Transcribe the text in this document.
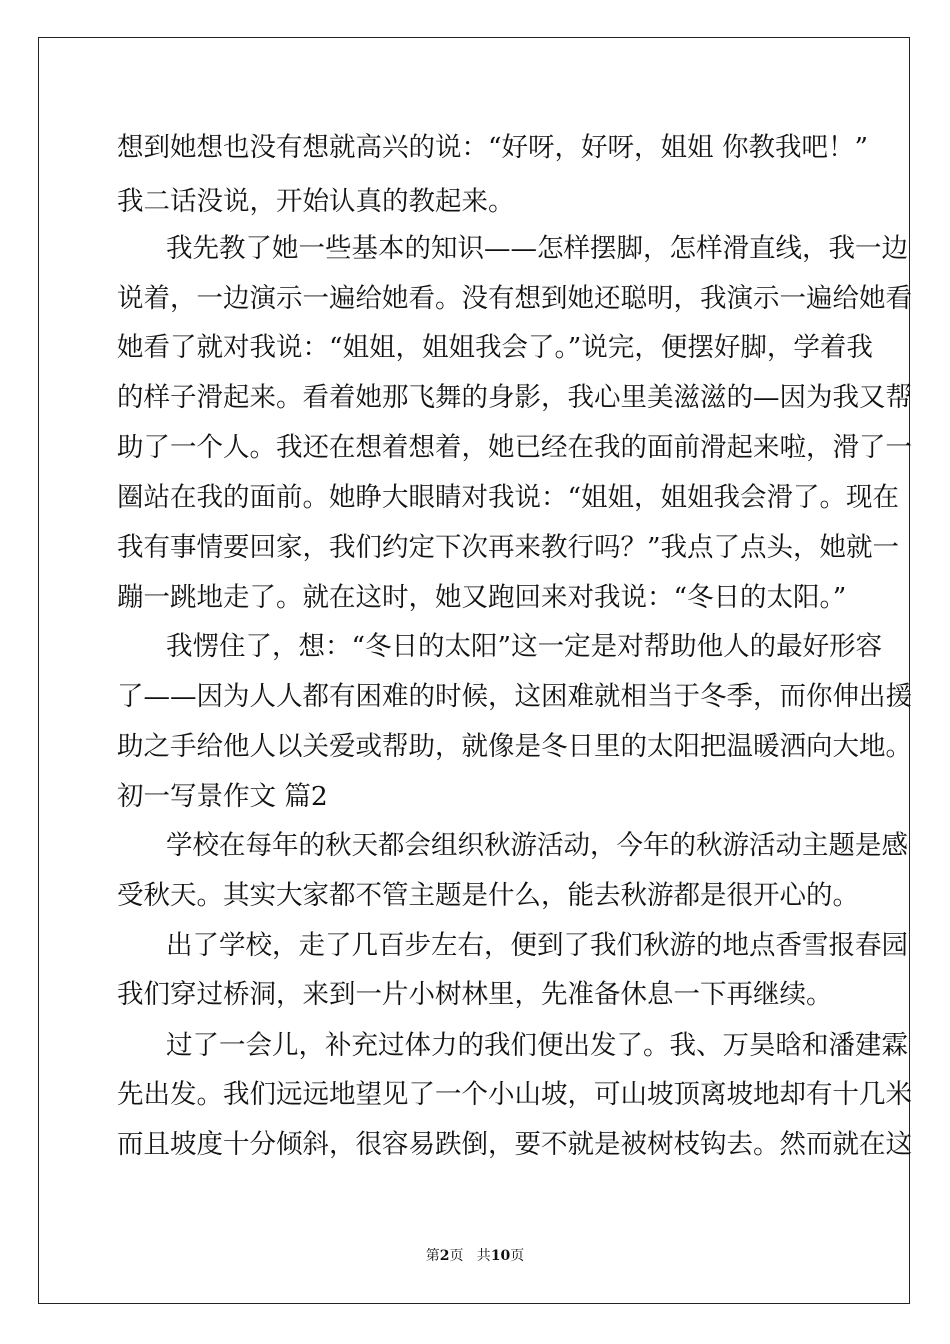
想到她想也没有想就高兴的说：“好呀，好呀，姐姐 你教我吧！”
我二话没说，开始认真的教起来。
我先教了她一些基本的知识——怎样摆脚，怎样滑直线，我一边
说着，一边演示一遍给她看。没有想到她还聪明，我演示一遍给她看
她看了就对我说：“姐姐，姐姐我会了。”说完，便摆好脚，学着我
的样子滑起来。看着她那飞舞的身影，我心里美滋滋的—因为我又帮
助了一个人。我还在想着想着，她已经在我的面前滑起来啦，滑了一
圈站在我的面前。她睁大眼睛对我说：“姐姐，姐姐我会滑了。现在
我有事情要回家，我们约定下次再来教行吗？”我点了点头，她就一
蹦一跳地走了。就在这时，她又跑回来对我说：“冬日的太阳。”
我愣住了，想：“冬日的太阳”这一定是对帮助他人的最好形容
了——因为人人都有困难的时候，这困难就相当于冬季，而你伸出援
助之手给他人以关爱或帮助，就像是冬日里的太阳把温暖洒向大地。
初一写景作文 篇2
学校在每年的秋天都会组织秋游活动，今年的秋游活动主题是感
受秋天。其实大家都不管主题是什么，能去秋游都是很开心的。
出了学校，走了几百步左右，便到了我们秋游的地点香雪报春园
我们穿过桥洞，来到一片小树林里，先准备休息一下再继续。
过了一会儿，补充过体力的我们便出发了。我、万昊晗和潘建霖
先出发。我们远远地望见了一个小山坡，可山坡顶离坡地却有十几米
而且坡度十分倾斜，很容易跌倒，要不就是被树枝钩去。然而就在这
第2页   共10页
